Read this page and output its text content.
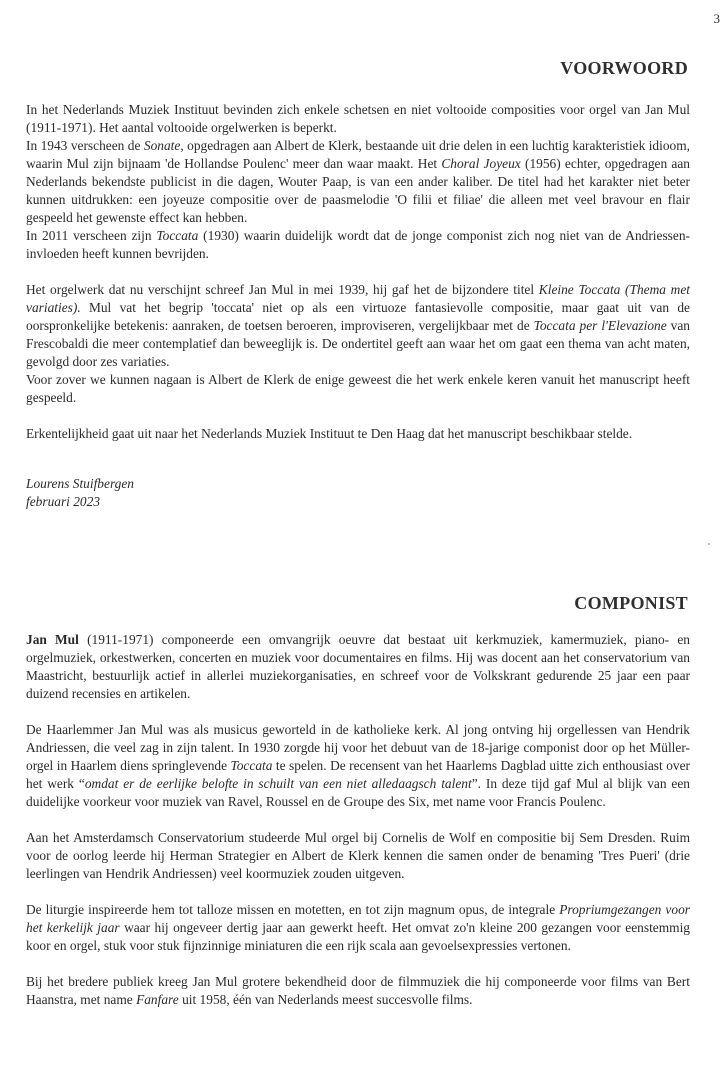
3
VOORWOORD

In het Nederlands Muziek Instituut bevinden zich enkele schetsen en niet voltooide composities voor orgel van Jan Mul (1911-1971). Het aantal voltooide orgelwerken is beperkt.

In 1943 verscheen de Sonate, opgedragen aan Albert de Klerk, bestaande uit drie delen in een luchtig karakteristiek idioom, waarin Mul zijn bijnaam 'de Hollandse Poulenc' meer dan waar maakt. Het Choral Joyeux (1956) echter, opgedragen aan Nederlands bekendste publicist in die dagen, Wouter Paap, is van een ander kaliber. De titel had het karakter niet beter kunnen uitdrukken: een joyeuze compositie over de paasmelodie 'O filii et filiae' die alleen met veel bravour en flair gespeeld het gewenste effect kan hebben.

In 2011 verscheen zijn Toccata (1930) waarin duidelijk wordt dat de jonge componist zich nog niet van de Andriessen-invloeden heeft kunnen bevrijden.

Het orgelwerk dat nu verschijnt schreef Jan Mul in mei 1939, hij gaf het de bijzondere titel Kleine Toccata (Thema met variaties). Mul vat het begrip 'toccata' niet op als een virtuoze fantasievolle compositie, maar gaat uit van de oorspronkelijke betekenis: aanraken, de toetsen beroeren, improviseren, vergelijkbaar met de Toccata per l'Elevazione van Frescobaldi die meer contemplatief dan beweeglijk is. De ondertitel geeft aan waar het om gaat een thema van acht maten, gevolgd door zes variaties.

Voor zover we kunnen nagaan is Albert de Klerk de enige geweest die het werk enkele keren vanuit het manuscript heeft gespeeld.

Erkentelijkheid gaat uit naar het Nederlands Muziek Instituut te Den Haag dat het manuscript beschikbaar stelde.

Lourens Stuifbergen
februari 2023
COMPONIST

Jan Mul (1911-1971) componeerde een omvangrijk oeuvre dat bestaat uit kerkmuziek, kamermuziek, piano- en orgelmuziek, orkestwerken, concerten en muziek voor documentaires en films. Hij was docent aan het conservatorium van Maastricht, bestuurlijk actief in allerlei muziekorganisaties, en schreef voor de Volkskrant gedurende 25 jaar een paar duizend recensies en artikelen.

De Haarlemmer Jan Mul was als musicus geworteld in de katholieke kerk. Al jong ontving hij orgellessen van Hendrik Andriessen, die veel zag in zijn talent. In 1930 zorgde hij voor het debuut van de 18-jarige componist door op het Müller-orgel in Haarlem diens springlevende Toccata te spelen. De recensent van het Haarlems Dagblad uitte zich enthousiast over het werk “omdat er de eerlijke belofte in schuilt van een niet alledaagsch talent”. In deze tijd gaf Mul al blijk van een duidelijke voorkeur voor muziek van Ravel, Roussel en de Groupe des Six, met name voor Francis Poulenc.

Aan het Amsterdamsch Conservatorium studeerde Mul orgel bij Cornelis de Wolf en compositie bij Sem Dresden. Ruim voor de oorlog leerde hij Herman Strategier en Albert de Klerk kennen die samen onder de benaming 'Tres Pueri' (drie leerlingen van Hendrik Andriessen) veel koormuziek zouden uitgeven.

De liturgie inspireerde hem tot talloze missen en motetten, en tot zijn magnum opus, de integrale Propriumgezangen voor het kerkelijk jaar waar hij ongeveer dertig jaar aan gewerkt heeft. Het omvat zo'n kleine 200 gezangen voor eenstemmig koor en orgel, stuk voor stuk fijnzinnige miniaturen die een rijk scala aan gevoelsexpressies vertonen.

Bij het bredere publiek kreeg Jan Mul grotere bekendheid door de filmmuziek die hij componeerde voor films van Bert Haanstra, met name Fanfare uit 1958, één van Nederlands meest succesvolle films.
